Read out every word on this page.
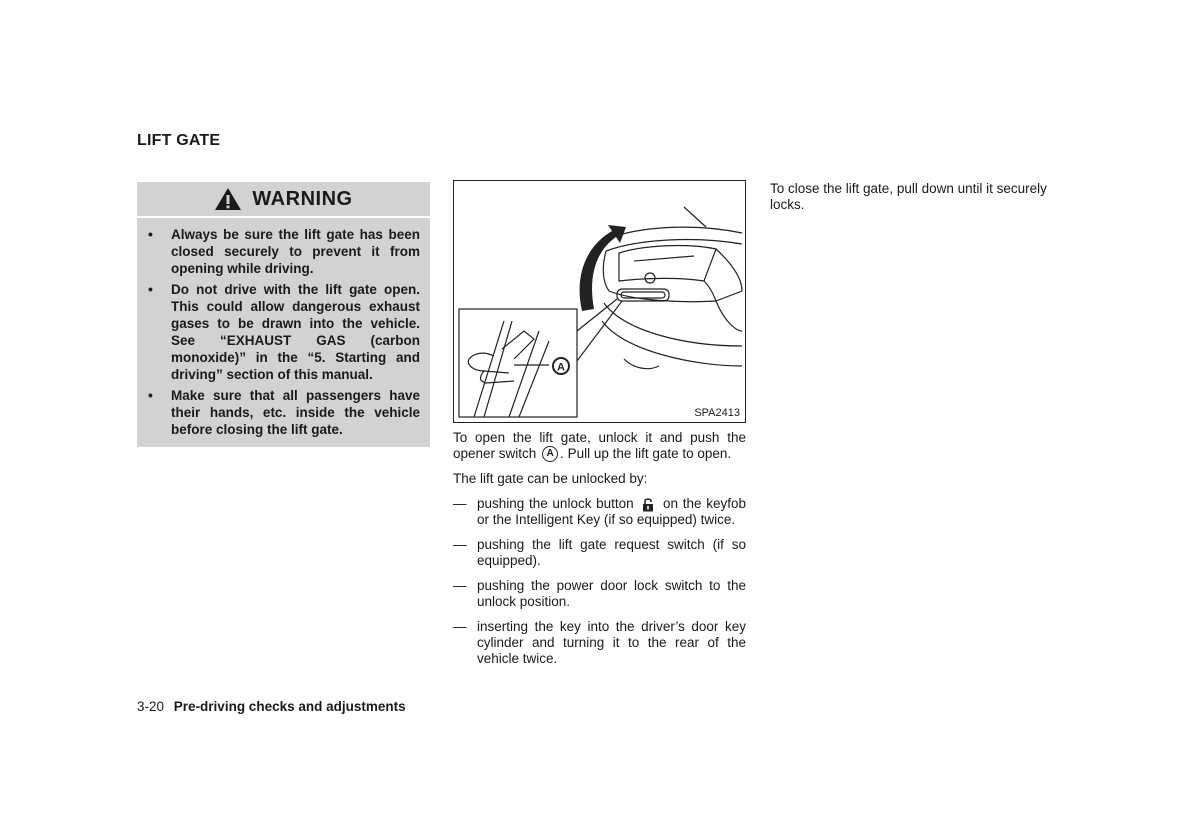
LIFT GATE
WARNING
• Always be sure the lift gate has been closed securely to prevent it from opening while driving.
• Do not drive with the lift gate open. This could allow dangerous exhaust gases to be drawn into the vehicle. See “EXHAUST GAS (carbon monoxide)” in the “5. Starting and driving” section of this manual.
• Make sure that all passengers have their hands, etc. inside the vehicle before closing the lift gate.
A
SPA2413

To open the lift gate, unlock it and push the opener switch A . Pull up the lift gate to open.

The lift gate can be unlocked by:

— pushing the unlock button on the keyfob or the Intelligent Key (if so equipped) twice.
— pushing the lift gate request switch (if so equipped).
— pushing the power door lock switch to the unlock position.
— inserting the key into the driver’s door key cylinder and turning it to the rear of the vehicle twice.

To close the lift gate, pull down until it securely locks.

3-20 Pre-driving checks and adjustments
